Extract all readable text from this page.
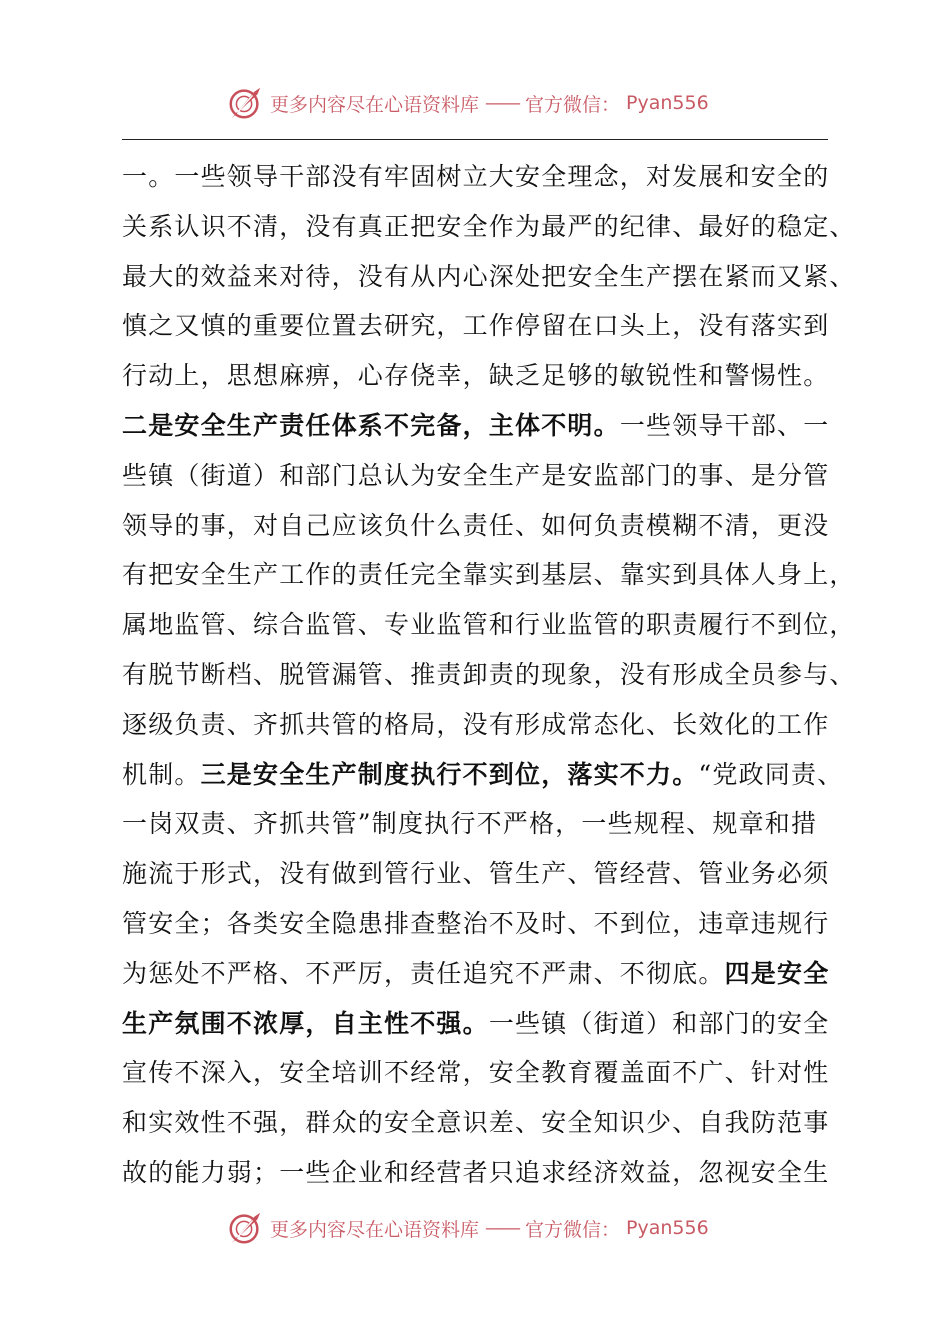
更多内容尽在心语资料库 —— 官方微信： Pyan556
一。一些领导干部没有牢固树立大安全理念，对发展和安全的
关系认识不清，没有真正把安全作为最严的纪律、最好的稳定、
最大的效益来对待，没有从内心深处把安全生产摆在紧而又紧、
慎之又慎的重要位置去研究，工作停留在口头上，没有落实到
行动上，思想麻痹，心存侥幸，缺乏足够的敏锐性和警惕性。
二是安全生产责任体系不完备，主体不明。一些领导干部、一
些镇（街道）和部门总认为安全生产是安监部门的事、是分管
领导的事，对自己应该负什么责任、如何负责模糊不清，更没
有把安全生产工作的责任完全靠实到基层、靠实到具体人身上，
属地监管、综合监管、专业监管和行业监管的职责履行不到位，
有脱节断档、脱管漏管、推责卸责的现象，没有形成全员参与、
逐级负责、齐抓共管的格局，没有形成常态化、长效化的工作
机制。三是安全生产制度执行不到位，落实不力。“党政同责、
一岗双责、齐抓共管”制度执行不严格，一些规程、规章和措
施流于形式，没有做到管行业、管生产、管经营、管业务必须
管安全；各类安全隐患排查整治不及时、不到位，违章违规行
为惩处不严格、不严厉，责任追究不严肃、不彻底。四是安全
生产氛围不浓厚，自主性不强。一些镇（街道）和部门的安全
宣传不深入，安全培训不经常，安全教育覆盖面不广、针对性
和实效性不强，群众的安全意识差、安全知识少、自我防范事
故的能力弱；一些企业和经营者只追求经济效益，忽视安全生
更多内容尽在心语资料库 —— 官方微信： Pyan556
